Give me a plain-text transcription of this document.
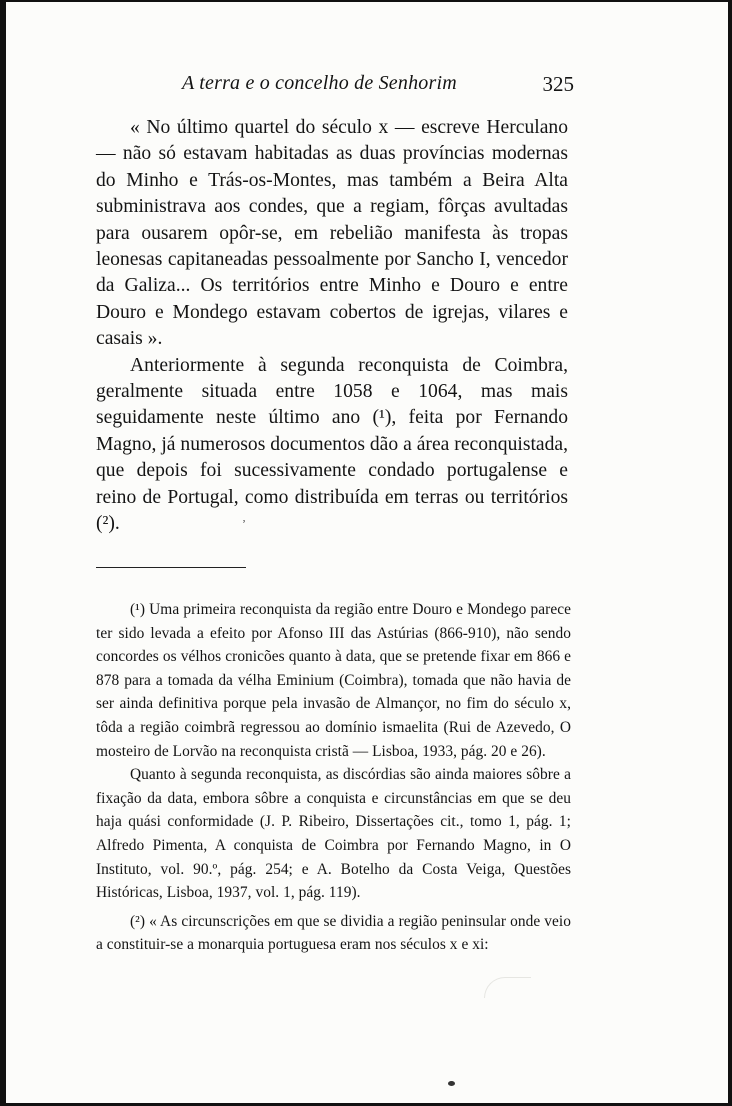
A terra e o concelho de Senhorim	325

« No último quartel do século x — escreve Herculano — não só estavam habitadas as duas províncias modernas do Minho e Trás-os-Montes, mas também a Beira Alta subministrava aos condes, que a regiam, fôrças avultadas para ousarem opôr-se, em rebelião manifesta às tropas leonesas capitaneadas pessoalmente por Sancho I, vencedor da Galiza... Os territórios entre Minho e Douro e entre Douro e Mondego estavam cobertos de igrejas, vilares e casais ».

Anteriormente à segunda reconquista de Coimbra, geralmente situada entre 1058 e 1064, mas mais seguidamente neste último ano (¹), feita por Fernando Magno, já numerosos documentos dão a área reconquistada, que depois foi sucessivamente condado portugalense e reino de Portugal, como distribuída em terras ou territórios (²).	ʼ

(¹) Uma primeira reconquista da região entre Douro e Mondego parece ter sido levada a efeito por Afonso III das Astúrias (866-910), não sendo concordes os vélhos cronicões quanto à data, que se pretende fixar em 866 e 878 para a tomada da vélha Eminium (Coimbra), tomada que não havia de ser ainda definitiva porque pela invasão de Almançor, no fim do século x, tôda a região coimbrã regressou ao domínio ismaelita (Rui de Azevedo, O mosteiro de Lorvão na reconquista cristã — Lisboa, 1933, pág. 20 e 26).

Quanto à segunda reconquista, as discórdias são ainda maiores sôbre a fixação da data, embora sôbre a conquista e circunstâncias em que se deu haja quási conformidade (J. P. Ribeiro, Dissertações cit., tomo 1, pág. 1; Alfredo Pimenta, A conquista de Coimbra por Fernando Magno, in O Instituto, vol. 90.º, pág. 254; e A. Botelho da Costa Veiga, Questões Históricas, Lisboa, 1937, vol. 1, pág. 119).

(²) « As circunscrições em que se dividia a região peninsular onde veio a constituir-se a monarquia portuguesa eram nos séculos x e xi:
